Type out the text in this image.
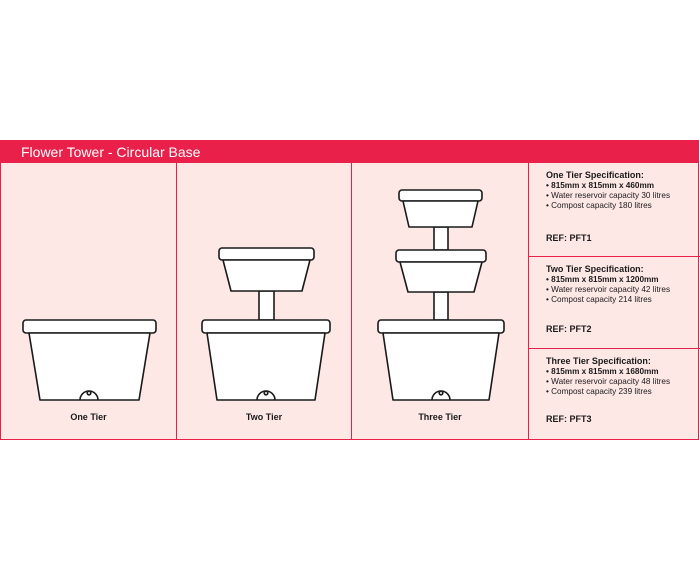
Flower Tower - Circular Base
One Tier	Two Tier	Three Tier
One Tier Specification:
• 815mm x 815mm x 460mm
• Water reservoir capacity 30 litres
• Compost capacity 180 litres
REF: PFT1
Two Tier Specification:
• 815mm x 815mm x 1200mm
• Water reservoir capacity 42 litres
• Compost capacity 214 litres
REF: PFT2
Three Tier Specification:
• 815mm x 815mm x 1680mm
• Water reservoir capacity 48 litres
• Compost capacity 239 litres
REF: PFT3
